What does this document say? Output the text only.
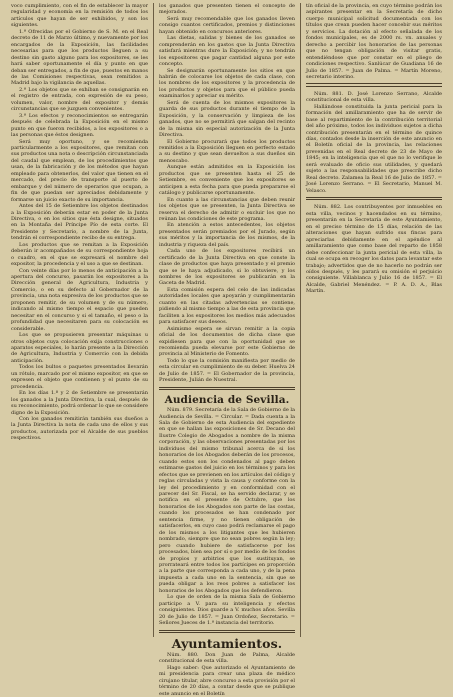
voco cumplimiento, con el fin de establecer la mayor regularidad y economía en la remisión de todos los artículos que hayan de ser exhibidos, y son los siguientes.

1.ª Ofrecidas por el Gobierno de S. M. en el Real decreto de 11 de Marzo último, y nuevamente por los encargados de la Exposición, las facilidades necesarias para que los productos lleguen a su destino sin gasto alguno para los expositores, se les hará saber oportunamente el día y punto en que deban ser entregados, a fin de que, puestos en manos de las Comisiones respectivas, sean remitidos a Madrid bajo la vigilancia de aquellas.

2.ª Los objetos que se exhiban se consignarán en el registro de entrada, con expresión de su peso, volumen, valor, nombre del expositor y demás circunstancias que se juzguen convenientes.

3.ª Los efectos y reconocimientos se entregarán después de celebrada la Exposición en el mismo punto en que fueron recibidos, a los expositores o a las personas que éstos designen.

Será muy oportuno, y se recomienda particularmente a los expositores, que remitan con sus productos una nota o descripción circunstanciada del caudal que emplean, de los procedimientos que usan, de la fabricación y de los métodos que hayan empleado para obtenerlos, del valor que tienen en el mercado, del precio de transporte al puerto de embarque y del número de operarios que ocupan, a fin de que puedan ser apreciados debidamente y formarse un juicio exacto de su importancia.

Antes del 15 de Setiembre los objetos destinados a la Exposición deberán estar en poder de la Junta Directiva, o en los sitios que ésta designe, situados en la Montaña del Príncipe Pío de esta corte. El Presidente y Secretario, a nombre de la Junta, tendrán el correspondiente recibo de su entrega.

Los productos que se remitan a la Exposición deberán ir acompañados de su correspondiente hoja o cuadro, en el que se expresará el nombre del expositor, la procedencia y el uso a que se destinan.

Con veinte días por lo menos de anticipación a la apertura del concurso, pasarán los expositores a la Dirección general de Agricultura, Industria y Comercio, o en su defecto al Gobernador de la provincia, una nota expresiva de los productos que se proponen remitir, de su volumen y de su número, indicando al mismo tiempo el espacio que pueden necesitar en el concurso y si el tamaño, el peso o la profundidad que necesitaren para su colocación es considerable.

Los que se propusieren presentar máquinas u otros objetos cuya colocación exija construcciones o aparatos especiales, lo harán presente a la Dirección de Agricultura, Industria y Comercio con la debida anticipación.

Todos los bultos o paquetes presentados llevarán un rótulo, marcado por el mismo expositor, en que se expresen el objeto que contienen y el punto de su procedencia.

En los días 1.º y 2 de Setiembre se presentarán los ganados a la Junta Directiva, la cual, después de su reconocimiento, podrá ordenar lo que se considere digno de la Exposición.

Con los ganados remitirán también sus dueños a la Junta Directiva la nota de cada uno de ellos y sus productos, autorizada por el Alcalde de sus pueblos respectivos.

los ganados que presenten tienen el concepto de mejorados.

Será muy recomendable que los ganados lleven consigo cuantos certificados, premios y distinciones hayan obtenido en concursos anteriores.

Las dietas, salidas y bienes de los ganados se comprenderán en los gastos que la Junta Directiva satisfará mientras dure la Exposición; y no tendrán los expositores que pagar cantidad alguna por este concepto.

Se designarán oportunamente los sitios en que habrán de colocarse los objetos de cada clase, con los nombres de los expositores y la procedencia de los productos y objetos para que el público pueda examinarlos y apreciar su mérito.

Será de cuenta de los mismos expositores la guarda de sus productos durante el tiempo de la Exposición, y la conservación y limpieza de los ganados, que no se permitirá que salgan del recinto de la misma sin especial autorización de la Junta Directiva.

El Gobierno procurará que todos los productos remitidos a la Exposición lleguen en perfecto estado a su destino y que sean devueltos a sus dueños sin menoscabo.

Aunque están admitidos en la Exposición los productos que se presenten hasta el 25 de Setiembre, es conveniente que los expositores se anticipen a esta fecha para que pueda prepararse el catálogo y publicarse oportunamente.

En cuanto a las circunstancias que deben reunir los objetos que se presenten, la Junta Directiva se reserva el derecho de admitir o excluir los que no reúnan las condiciones de este programa.

En atención a estos antecedentes, los objetos presentados serán premiados por el Jurado, según sus méritos y la importancia de los mismos, de la industria y riqueza del país.

Cada uno de los expositores recibirá un certificado de la Junta Directiva en que conste la clase de productos que haya presentado y el premio que se le haya adjudicado, si lo obtuviere, y los nombres de los expositores se publicarán en la Gaceta de Madrid.

Esta comisión espera del celo de las indicadas autoridades locales que apoyarán y cumplimentarán cuanto en las citadas advertencias se contiene, pidiendo al mismo tiempo a las de esta provincia que faciliten a los expositores los medios más adecuados para satisfacer sus deseos.

Asimismo espera se sirvan remitir a la copia oficial de los documentos de dicha clase que expidiesen para que con la oportunidad que se recomienda pueda elevarse por este Gobierno de provincia al Ministerio de Fomento.

Todo lo que la comisión manifiesta por medio de esta circular en cumplimiento de su deber. Huelva 24 de Julio de 1857. = El Gobernador de la provincia, Presidente, Julián de Nuestral.

Audiencia de Sevilla.

Núm. 879. Secretaría de la Sala de Gobierno de la Audiencia de Sevilla. = Circular. = Dada cuenta a la Sala de Gobierno de esta Audiencia del expediente en que se hallan las exposiciones de Sr. Decano del Ilustre Colegio de Abogados a nombre de la misma corporación, y las observaciones presentadas por los individuos del mismo tribunal acerca de si los honorarios de los Abogados deberán de los procesos, cuando estos son los condenados al pago deben estimarse gastos del juicio en los términos y para los efectos que se previenen en los artículos del código y reglas circuladas y vista la causa y conforme con la ley del procedimiento y en conformidad con el parecer del Sr. Fiscal, se ha servido declarar, y se notifica en el presente de Octubre, que los honorarios de los Abogados son parte de las costas, cuando los procesados se han condenado por sentencia firme, y no tienen obligación de satisfacerlos, en cuyo caso podrá reclamarse el pago de los mismos a los litigantes que les hubieren nombrado, siempre que no sean pobres según la ley; pero cuando hubiere de satisfacerse por los procesados, bien sea por sí o por medio de los fondos de propios y arbitrios que los sustituyan, se prorrateará entre todos los partícipes en proporción a la parte que corresponda a cada uno, y de la pena impuesta a cada uno en la sentencia, sin que se pueda obligar a los reos pobres a satisfacer los honorarios de los Abogados que los defendieron.

Lo que de orden de la misma Sala de Gobierno participo a V. para su inteligencia y efectos consiguientes. Dios guarde a V. muchos años. Sevilla 20 de Julio de 1857. = Juan Ordoñez, Secretario. = Señores Jueces de 1.ª instancia del territorio.

Ayuntamientos.

Núm. 880. Don Juan de Palma, Alcalde constitucional de esta villa.

Hago saber: Que autorizado el Ayuntamiento de mi presidencia para crear una plaza de médico cirujano titular, abre concurso a esta provisión por el término de 20 días, a contar desde que se publique este anuncio en el Boletín

tín oficial de la provincia, en cuyo término podrán los aspirantes presentar en la Secretaría de dicho cuerpo municipal solicitud documentada con los títulos que crean pueden hacer concebir sus méritos y servicios. La dotación al efecto señalada de los fondos municipales, es de 2000 rs. vn. anuales y derecho a percibir los honorarios de las personas que no tengan obligación de visitar gratis, entendiéndose que por constar en el pliego de condiciones respectivo. Sanlúcar de Guadiana 16 de Julio de 1857. = Juan de Palma. = Martín Moreno, secretario interino.

Núm. 881. D. José Lorenzo Serrano, Alcalde constitucional de esta villa.

Hallándose constituida la junta pericial para la formación del amillaramiento que ha de servir de base al repartimiento de la contribución territorial del año próximo, todos los individuos sujetos a dicha contribución presentarán en el término de quince días, contados desde la inserción de este anuncio en el Boletín oficial de la provincia, las relaciones prevenidas en el Real decreto de 23 de Mayo de 1845; en la inteligencia que el que no lo verifique le será evaluado de oficio sus utilidades, y quedará sujeto a las responsabilidades que prescribe dicho Real decreto. Zalamea la Real 16 de Julio de 1857. = José Lorenzo Serrano. = El Secretario, Manuel M. Velasco.

Núm. 882. Los contribuyentes por inmuebles en esta villa, vecinos y hacendados en su término, presentarán en la Secretaría de este Ayuntamiento, en el preciso término de 15 días, relación de las alteraciones que hayan sufrido sus fincas para apreciarlas debidamente en el apéndice al amillaramiento que como base del reparto de 1858 debe confeccionar la junta pericial de esta villa, la cual se ocupa en recoger los datos para levantar este trabajo; advertidos que de no hacerlo no podrán ser oídos después, y les parará su omisión el perjuicio consiguiente. Villablanca y Julio 16 de 1857. = El Alcalde, Gabriel Menéndez. = P. A. D. A., Blas Martín.
